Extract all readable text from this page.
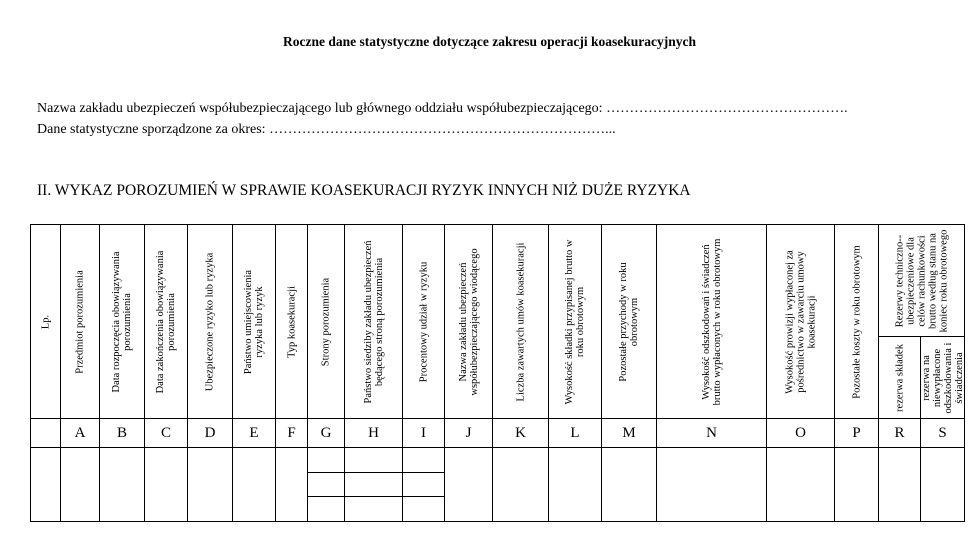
Roczne dane statystyczne dotyczące zakresu operacji koasekuracyjnych
Nazwa zakładu ubezpieczeń współubezpieczającego lub głównego oddziału współubezpieczającego: …………………………………………….
Dane statystyczne sporządzone za okres: ………………………………………………………………...
II. WYKAZ POROZUMIEŃ W SPRAWIE KOASEKURACJI RYZYK INNYCH NIŻ DUŻE RYZYKA
Lp.	Przedmiot porozumienia	Data rozpoczęcia obowiązywania porozumienia	Data zakończenia obowiązywania porozumienia	Ubezpieczone ryzyko lub ryzyka	Państwo umiejscowienia ryzyka lub ryzyk	Typ koasekuracji	Strony porozumienia	Państwo siedziby zakładu ubezpieczeń będącego stroną porozumienia	Procentowy udział w ryzyku	Nazwa zakładu ubezpieczeń współubezpieczającego wiodącego	Liczba zawartych umów koasekuracji	Wysokość składki przypisanej brutto w roku obrotowym	Pozostałe przychody w roku obrotowym	Wysokość odszkodowań i świadczeń brutto wypłaconych w roku obrotowym	Wysokość prowizji wypłaconej za pośrednictwo w zawarciu umowy koasekuracji	Pozostałe koszty w roku obrotowym	Rezerwy techniczno--ubezpieczeniowe dla celów rachunkowości brutto według stanu na koniec roku obrotowego	

																	rezerwa składek	rezerwa na niewypłacone odszkodowania i świadczenia

	A	B	C	D	E	F	G	H	I	J	K	L	M	N	O	P	R	S
